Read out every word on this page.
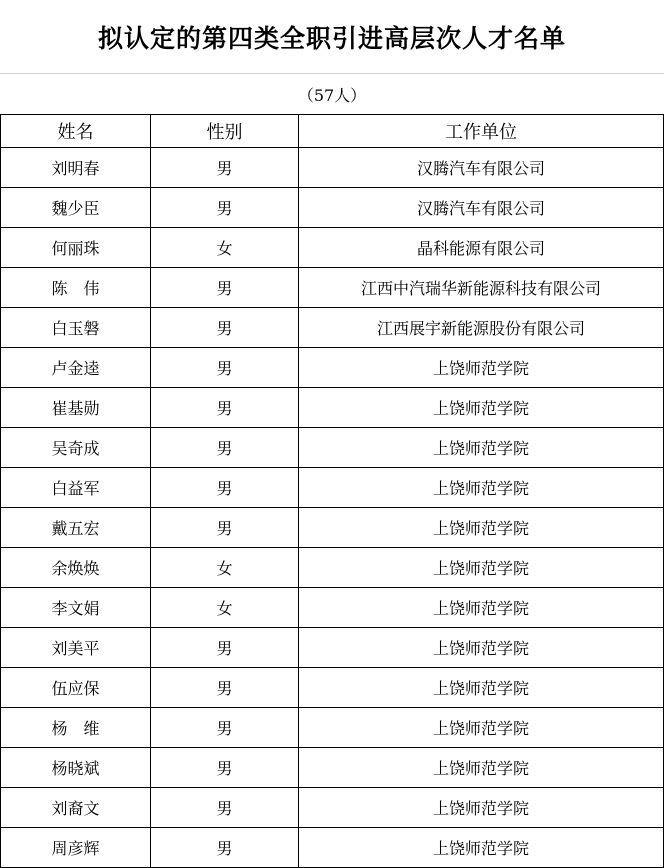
拟认定的第四类全职引进高层次人才名单
（57人）
姓名	性别	工作单位
刘明春	男	汉腾汽车有限公司
魏少臣	男	汉腾汽车有限公司
何丽珠	女	晶科能源有限公司
陈　伟	男	江西中汽瑞华新能源科技有限公司
白玉磐	男	江西展宇新能源股份有限公司
卢金逵	男	上饶师范学院
崔基勋	男	上饶师范学院
吴奇成	男	上饶师范学院
白益军	男	上饶师范学院
戴五宏	男	上饶师范学院
余焕焕	女	上饶师范学院
李文娟	女	上饶师范学院
刘美平	男	上饶师范学院
伍应保	男	上饶师范学院
杨　维	男	上饶师范学院
杨晓斌	男	上饶师范学院
刘裔文	男	上饶师范学院
周彦辉	男	上饶师范学院
